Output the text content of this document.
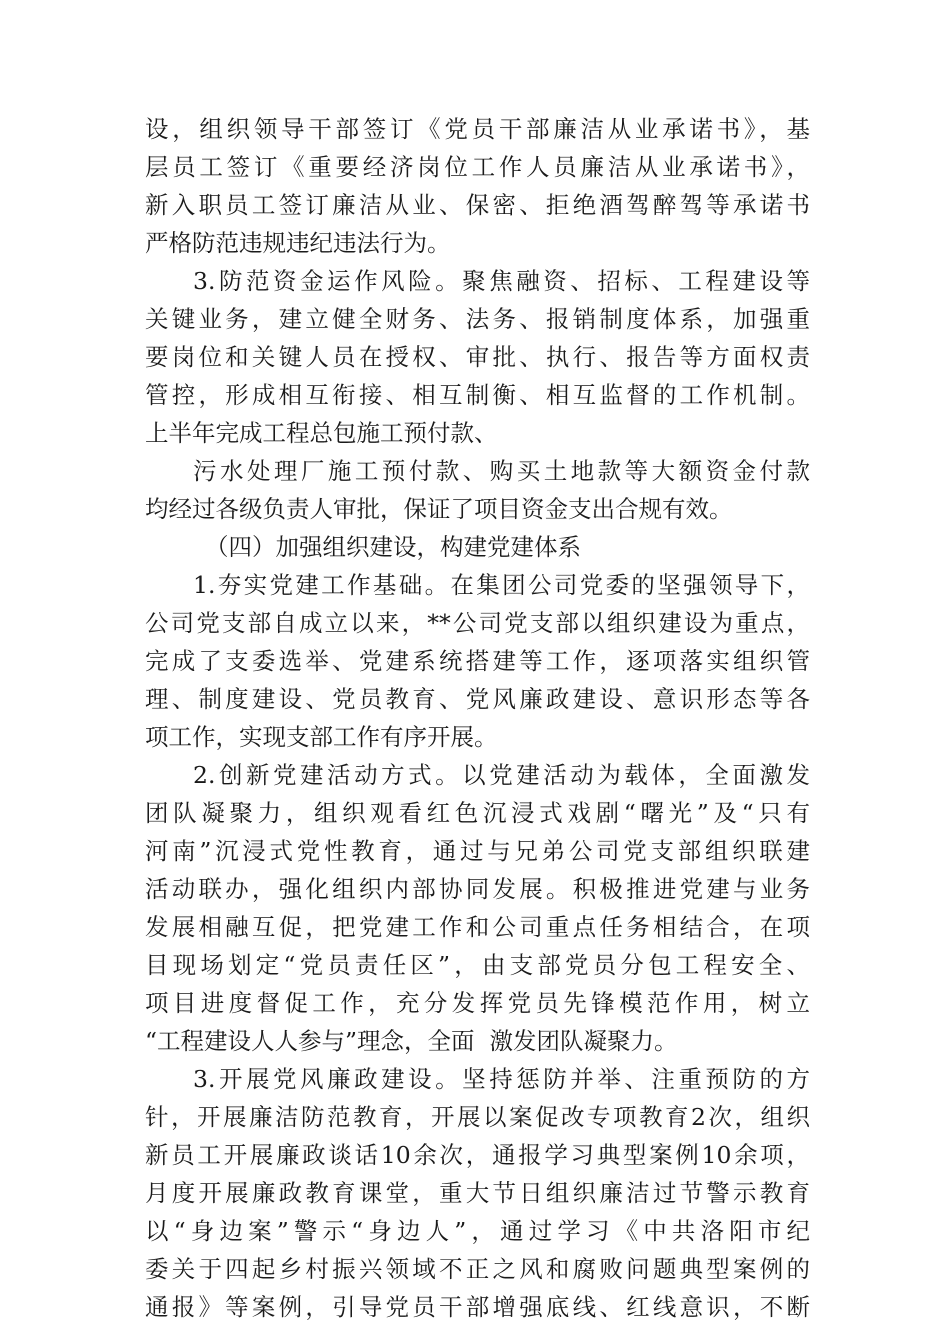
设，组织领导干部签订《党员干部廉洁从业承诺书》，基
层员工签订《重要经济岗位工作人员廉洁从业承诺书》，
新入职员工签订廉洁从业、保密、拒绝酒驾醉驾等承诺书
严格防范违规违纪违法行为。
3.防范资金运作风险。聚焦融资、招标、工程建设等
关键业务，建立健全财务、法务、报销制度体系，加强重
要岗位和关键人员在授权、审批、执行、报告等方面权责
管控，形成相互衔接、相互制衡、相互监督的工作机制。
上半年完成工程总包施工预付款、
污水处理厂施工预付款、购买土地款等大额资金付款
均经过各级负责人审批，保证了项目资金支出合规有效。
（四）加强组织建设，构建党建体系
1.夯实党建工作基础。在集团公司党委的坚强领导下，
公司党支部自成立以来，**公司党支部以组织建设为重点，
完成了支委选举、党建系统搭建等工作，逐项落实组织管
理、制度建设、党员教育、党风廉政建设、意识形态等各
项工作，实现支部工作有序开展。
2.创新党建活动方式。以党建活动为载体，全面激发
团队凝聚力，组织观看红色沉浸式戏剧“曙光”及“只有
河南”沉浸式党性教育，通过与兄弟公司党支部组织联建
活动联办，强化组织内部协同发展。积极推进党建与业务
发展相融互促，把党建工作和公司重点任务相结合，在项
目现场划定“党员责任区”，由支部党员分包工程安全、
项目进度督促工作，充分发挥党员先锋模范作用，树立
“工程建设人人参与”理念，全面  激发团队凝聚力。
3.开展党风廉政建设。坚持惩防并举、注重预防的方
针，开展廉洁防范教育，开展以案促改专项教育2次，组织
新员工开展廉政谈话10余次，通报学习典型案例10余项，
月度开展廉政教育课堂，重大节日组织廉洁过节警示教育
以“身边案”警示“身边人”，通过学习《中共洛阳市纪
委关于四起乡村振兴领域不正之风和腐败问题典型案例的
通报》等案例，引导党员干部增强底线、红线意识，不断
